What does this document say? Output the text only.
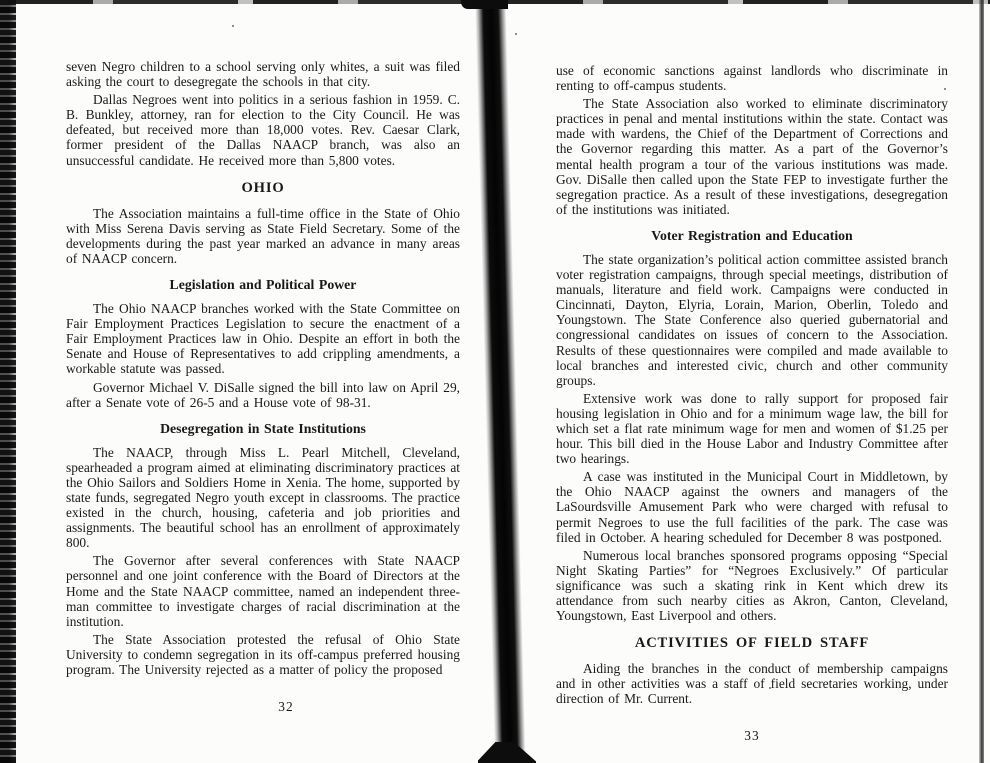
seven Negro children to a school serving only whites, a suit was filed asking the court to desegregate the schools in that city.

Dallas Negroes went into politics in a serious fashion in 1959. C. B. Bunkley, attorney, ran for election to the City Council. He was defeated, but received more than 18,000 votes. Rev. Caesar Clark, former president of the Dallas NAACP branch, was also an unsuccessful candidate. He received more than 5,800 votes.

OHIO

The Association maintains a full-time office in the State of Ohio with Miss Serena Davis serving as State Field Secretary. Some of the developments during the past year marked an advance in many areas of NAACP concern.

Legislation and Political Power

The Ohio NAACP branches worked with the State Committee on Fair Employment Practices Legislation to secure the enactment of a Fair Employment Practices law in Ohio. Despite an effort in both the Senate and House of Representatives to add crippling amendments, a workable statute was passed.

Governor Michael V. DiSalle signed the bill into law on April 29, after a Senate vote of 26-5 and a House vote of 98-31.

Desegregation in State Institutions

The NAACP, through Miss L. Pearl Mitchell, Cleveland, spearheaded a program aimed at eliminating discriminatory practices at the Ohio Sailors and Soldiers Home in Xenia. The home, supported by state funds, segregated Negro youth except in classrooms. The practice existed in the church, housing, cafeteria and job priorities and assignments. The beautiful school has an enrollment of approximately 800.

The Governor after several conferences with State NAACP personnel and one joint conference with the Board of Directors at the Home and the State NAACP committee, named an independent three-man committee to investigate charges of racial discrimination at the institution.

The State Association protested the refusal of Ohio State University to condemn segregation in its off-campus preferred housing program. The University rejected as a matter of policy the proposed

32

use of economic sanctions against landlords who discriminate in renting to off-campus students.

The State Association also worked to eliminate discriminatory practices in penal and mental institutions within the state. Contact was made with wardens, the Chief of the Department of Corrections and the Governor regarding this matter. As a part of the Governor’s mental health program a tour of the various institutions was made. Gov. DiSalle then called upon the State FEP to investigate further the segregation practice. As a result of these investigations, desegregation of the institutions was initiated.

Voter Registration and Education

The state organization’s political action committee assisted branch voter registration campaigns, through special meetings, distribution of manuals, literature and field work. Campaigns were conducted in Cincinnati, Dayton, Elyria, Lorain, Marion, Oberlin, Toledo and Youngstown. The State Conference also queried gubernatorial and congressional candidates on issues of concern to the Association. Results of these questionnaires were compiled and made available to local branches and interested civic, church and other community groups.

Extensive work was done to rally support for proposed fair housing legislation in Ohio and for a minimum wage law, the bill for which set a flat rate minimum wage for men and women of $1.25 per hour. This bill died in the House Labor and Industry Committee after two hearings.

A case was instituted in the Municipal Court in Middletown, by the Ohio NAACP against the owners and managers of the LaSourdsville Amusement Park who were charged with refusal to permit Negroes to use the full facilities of the park. The case was filed in October. A hearing scheduled for December 8 was postponed.

Numerous local branches sponsored programs opposing “Special Night Skating Parties” for “Negroes Exclusively.” Of particular significance was such a skating rink in Kent which drew its attendance from such nearby cities as Akron, Canton, Cleveland, Youngstown, East Liverpool and others.

ACTIVITIES OF FIELD STAFF

Aiding the branches in the conduct of membership campaigns and in other activities was a staff of field secretaries working, under direction of Mr. Current.

33
